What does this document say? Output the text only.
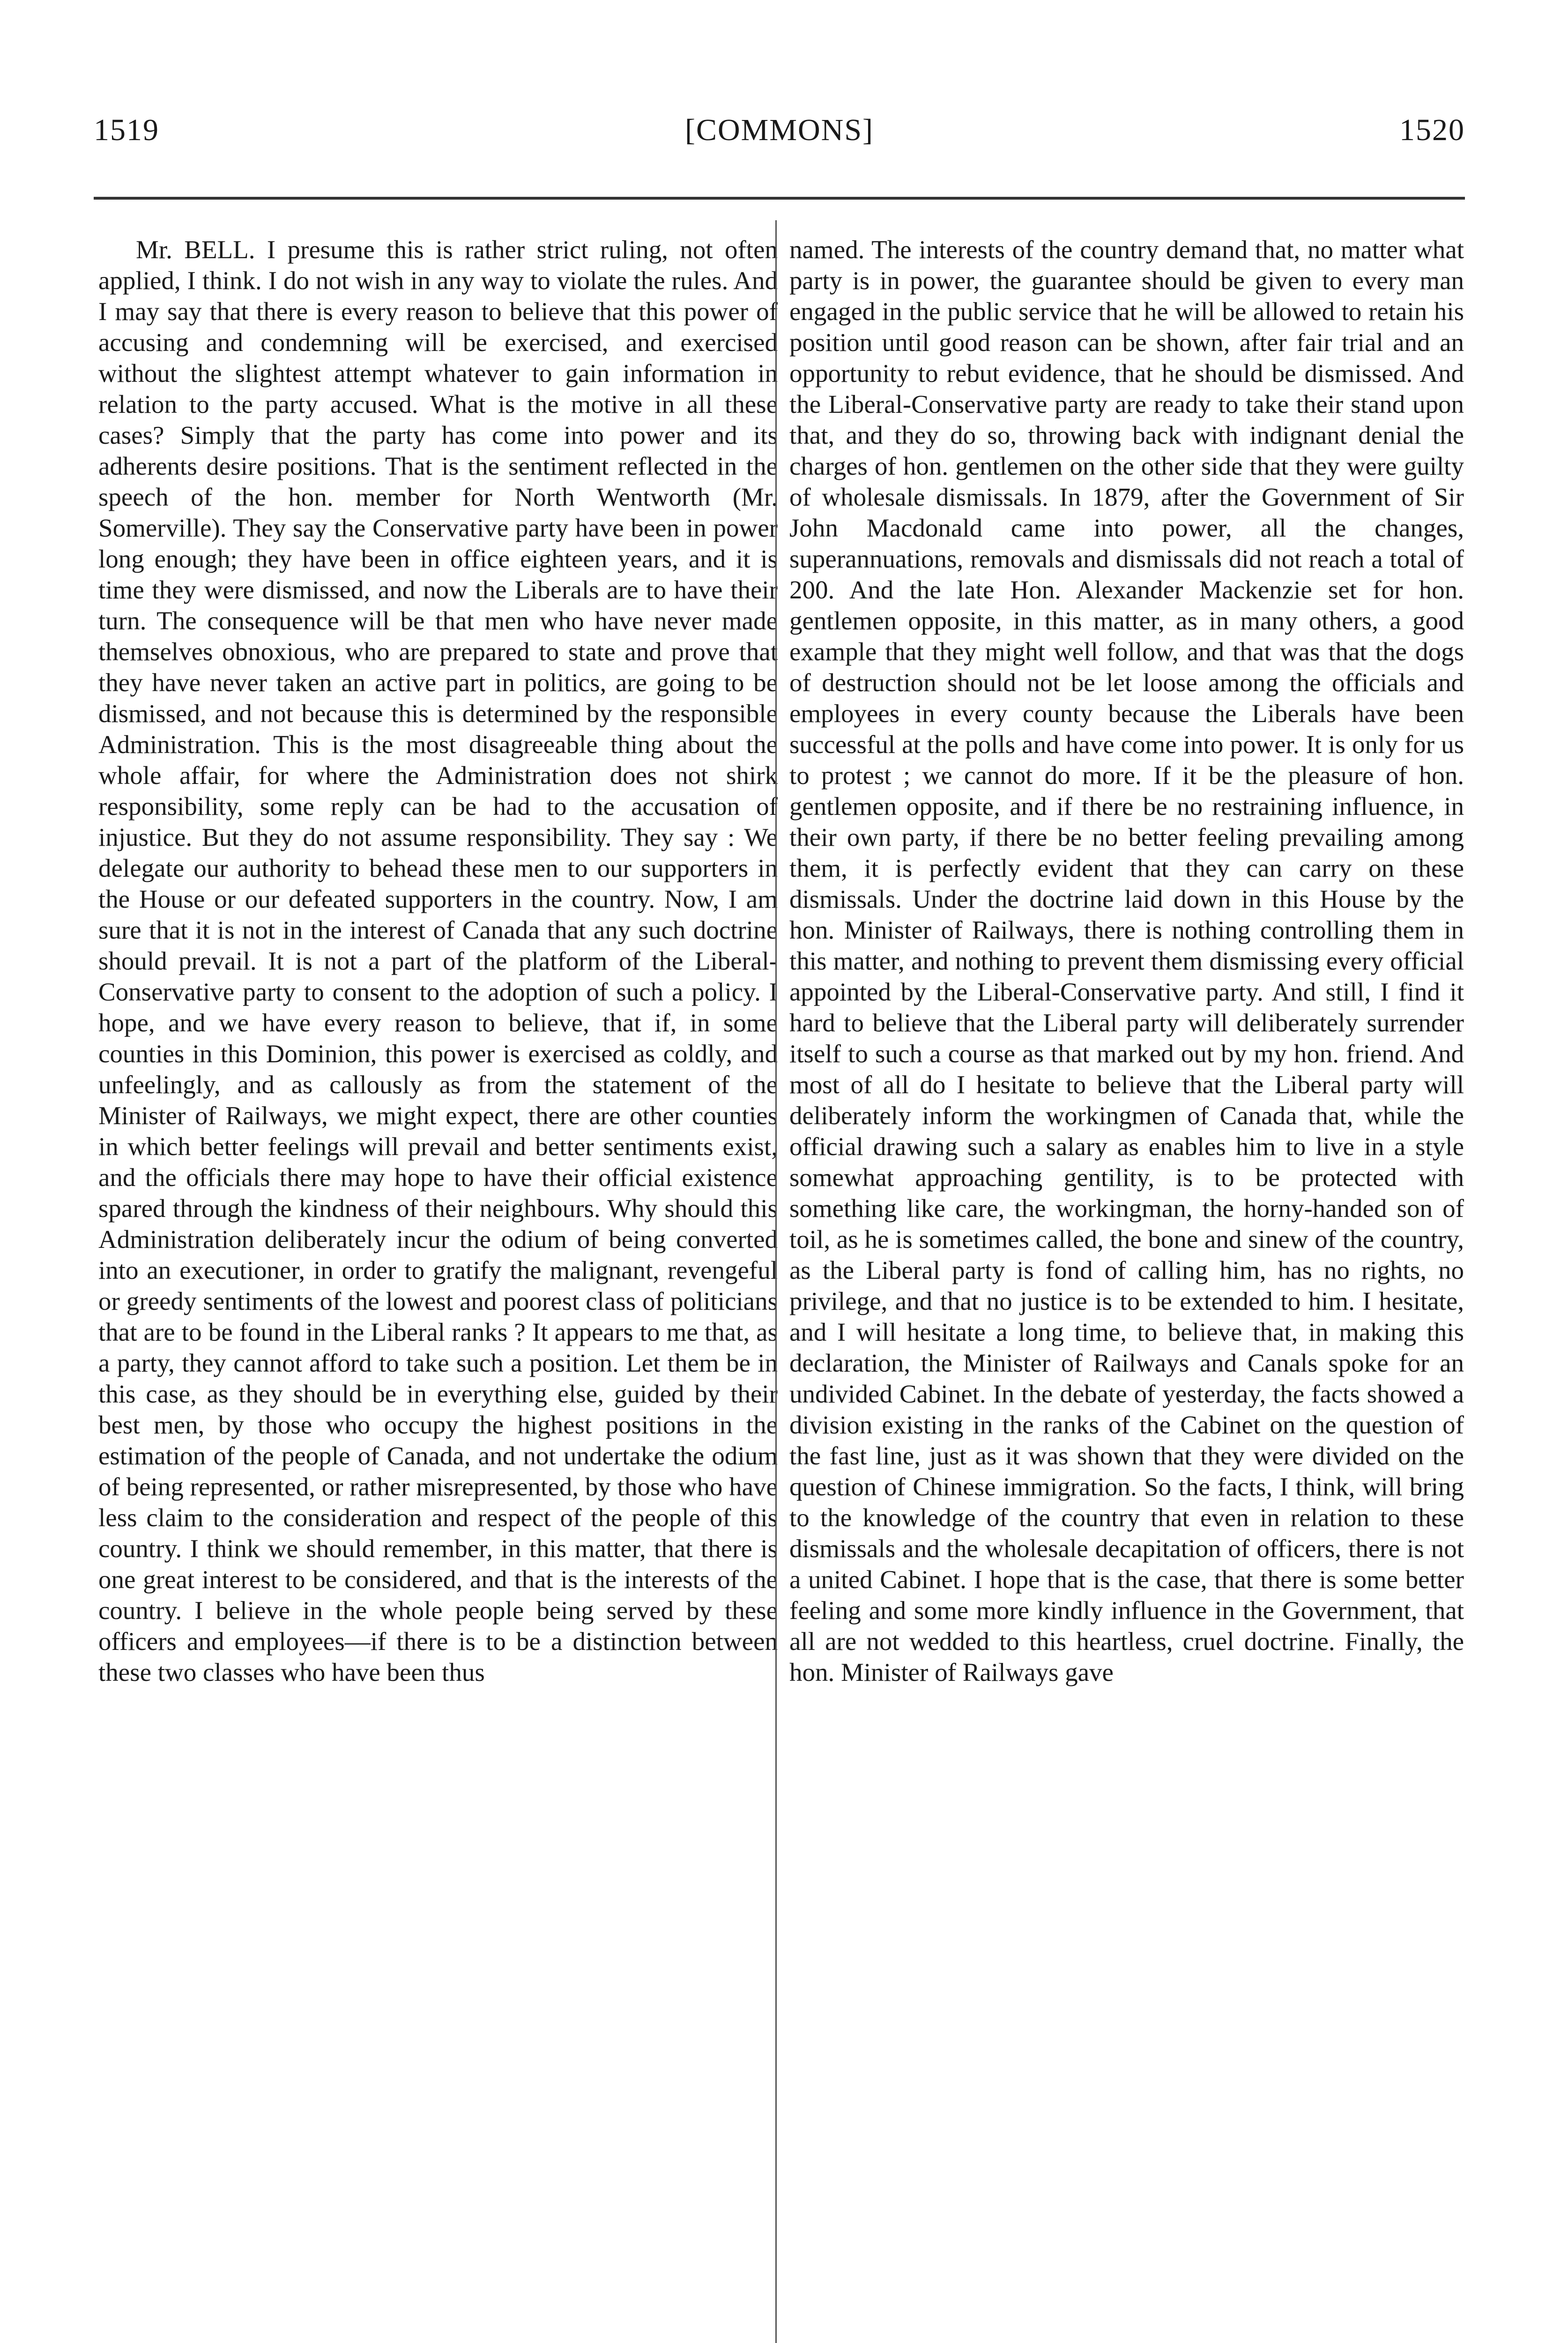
1519	[COMMONS]	1520

Mr. BELL. I presume this is rather strict ruling, not often applied, I think. I do not wish in any way to violate the rules. And I may say that there is every reason to believe that this power of accusing and condemning will be exercised, and exercised without the slightest attempt whatever to gain information in relation to the party accused. What is the motive in all these cases? Simply that the party has come into power and its adherents desire positions. That is the sentiment reflected in the speech of the hon. member for North Wentworth (Mr. Somerville). They say the Conservative party have been in power long enough; they have been in office eighteen years, and it is time they were dismissed, and now the Liberals are to have their turn. The consequence will be that men who have never made themselves obnoxious, who are prepared to state and prove that they have never taken an active part in politics, are going to be dismissed, and not because this is determined by the responsible Administration. This is the most disagreeable thing about the whole affair, for where the Administration does not shirk responsibility, some reply can be had to the accusation of injustice. But they do not assume responsibility. They say : We delegate our authority to behead these men to our supporters in the House or our defeated supporters in the country. Now, I am sure that it is not in the interest of Canada that any such doctrine should prevail. It is not a part of the platform of the Liberal-Conservative party to consent to the adoption of such a policy. I hope, and we have every reason to believe, that if, in some counties in this Dominion, this power is exercised as coldly, and unfeelingly, and as callously as from the statement of the Minister of Railways, we might expect, there are other counties in which better feelings will prevail and better sentiments exist, and the officials there may hope to have their official existence spared through the kindness of their neighbours. Why should this Administration deliberately incur the odium of being converted into an executioner, in order to gratify the malignant, revengeful or greedy sentiments of the lowest and poorest class of politicians that are to be found in the Liberal ranks ? It appears to me that, as a party, they cannot afford to take such a position. Let them be in this case, as they should be in everything else, guided by their best men, by those who occupy the highest positions in the estimation of the people of Canada, and not undertake the odium of being represented, or rather misrepresented, by those who have less claim to the consideration and respect of the people of this country. I think we should remember, in this matter, that there is one great interest to be considered, and that is the interests of the country. I believe in the whole people being served by these officers and employees—if there is to be a distinction between these two classes who have been thus

named. The interests of the country demand that, no matter what party is in power, the guarantee should be given to every man engaged in the public service that he will be allowed to retain his position until good reason can be shown, after fair trial and an opportunity to rebut evidence, that he should be dismissed. And the Liberal-Conservative party are ready to take their stand upon that, and they do so, throwing back with indignant denial the charges of hon. gentlemen on the other side that they were guilty of wholesale dismissals. In 1879, after the Government of Sir John Macdonald came into power, all the changes, superannuations, removals and dismissals did not reach a total of 200. And the late Hon. Alexander Mackenzie set for hon. gentlemen opposite, in this matter, as in many others, a good example that they might well follow, and that was that the dogs of destruction should not be let loose among the officials and employees in every county because the Liberals have been successful at the polls and have come into power. It is only for us to protest ; we cannot do more. If it be the pleasure of hon. gentlemen opposite, and if there be no restraining influence, in their own party, if there be no better feeling prevailing among them, it is perfectly evident that they can carry on these dismissals. Under the doctrine laid down in this House by the hon. Minister of Railways, there is nothing controlling them in this matter, and nothing to prevent them dismissing every official appointed by the Liberal-Conservative party. And still, I find it hard to believe that the Liberal party will deliberately surrender itself to such a course as that marked out by my hon. friend. And most of all do I hesitate to believe that the Liberal party will deliberately inform the workingmen of Canada that, while the official drawing such a salary as enables him to live in a style somewhat approaching gentility, is to be protected with something like care, the workingman, the horny-handed son of toil, as he is sometimes called, the bone and sinew of the country, as the Liberal party is fond of calling him, has no rights, no privilege, and that no justice is to be extended to him. I hesitate, and I will hesitate a long time, to believe that, in making this declaration, the Minister of Railways and Canals spoke for an undivided Cabinet. In the debate of yesterday, the facts showed a division existing in the ranks of the Cabinet on the question of the fast line, just as it was shown that they were divided on the question of Chinese immigration. So the facts, I think, will bring to the knowledge of the country that even in relation to these dismissals and the wholesale decapitation of officers, there is not a united Cabinet. I hope that is the case, that there is some better feeling and some more kindly influence in the Government, that all are not wedded to this heartless, cruel doctrine. Finally, the hon. Minister of Railways gave
